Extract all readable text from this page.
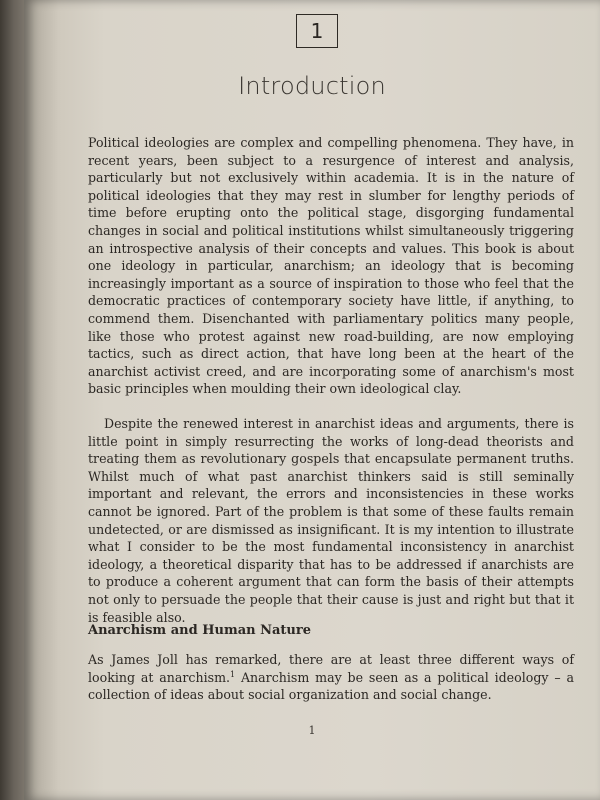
1
Introduction

Political ideologies are complex and compelling phenomena. They have, in recent years, been subject to a resurgence of interest and analysis, particularly but not exclusively within academia. It is in the nature of political ideologies that they may rest in slumber for lengthy periods of time before erupting onto the political stage, disgorging fundamental changes in social and political institutions whilst simultaneously triggering an introspective analysis of their concepts and values. This book is about one ideology in particular, anarchism; an ideology that is becoming increasingly important as a source of inspiration to those who feel that the democratic practices of contemporary society have little, if anything, to commend them. Disenchanted with parliamentary politics many people, like those who protest against new road-building, are now employing tactics, such as direct action, that have long been at the heart of the anarchist activist creed, and are incorporating some of anarchism's most basic principles when moulding their own ideological clay.

Despite the renewed interest in anarchist ideas and arguments, there is little point in simply resurrecting the works of long-dead theorists and treating them as revolutionary gospels that encapsulate permanent truths. Whilst much of what past anarchist thinkers said is still seminally important and relevant, the errors and inconsistencies in these works cannot be ignored. Part of the problem is that some of these faults remain undetected, or are dismissed as insignificant. It is my intention to illustrate what I consider to be the most fundamental inconsistency in anarchist ideology, a theoretical disparity that has to be addressed if anarchists are to produce a coherent argument that can form the basis of their attempts not only to persuade the people that their cause is just and right but that it is feasible also.

Anarchism and Human Nature

As James Joll has remarked, there are at least three different ways of looking at anarchism.$^1$ Anarchism may be seen as a political ideology – a collection of ideas about social organization and social change.

1
